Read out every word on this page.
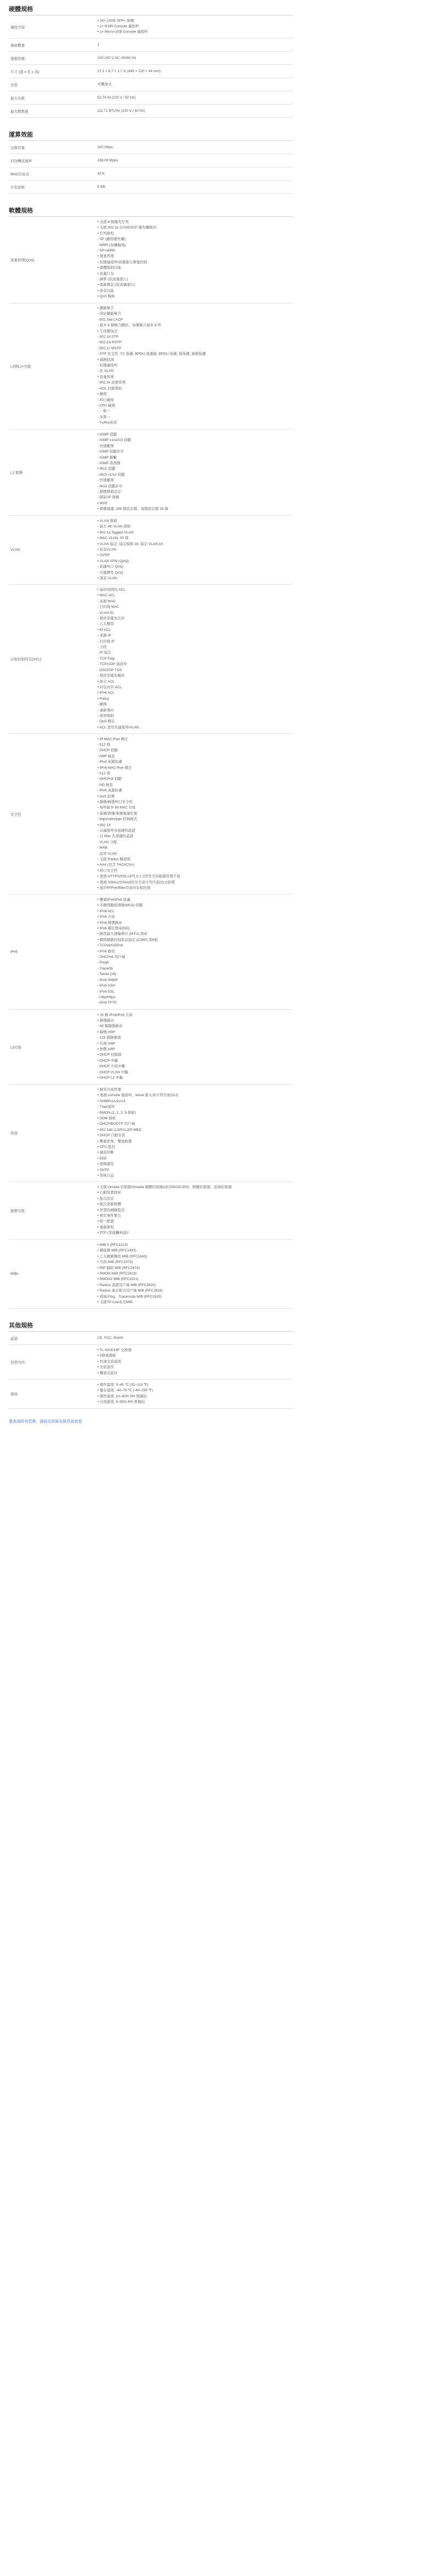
硬體規格
連接介面
• 16× 10GE SFP+ 插槽
• 1× RJ45 Console 連接埠
• 1× Micro-USB Console 連接埠
風扇數量	1
電源供應	100-240 V AC~50/60 Hz
尺寸 (寬 x 長 x 高)	17.3 × 8.7 × 1.7 in (440 × 220 × 44 mm)
安裝	可機架式
最大功耗	52.74 W (220 V / 50 Hz)
最大散熱量	111.71 BTU/hr (220 V / 50 Hz)
運算效能
交換容量	320 Gbps
封包轉送速率	238.08 Mpps
MAC位址表	32 K
巨型訊框	9 KB
軟體規格
流量管理(QoS)
• 支援 8 個優先佇列
• 支援 802.1p CoS/DSCP 優先權模式
• 佇列排程
- SP (嚴格優先權)
- WRR (加權輪詢)
- SP+WRR
• 頻寬管理
- 依據連接埠/流量進行頻寬控制
• 實體限制功能
• 流量行為
- 調準 (依流量進行)
• 重新標記 (依流量進行)
• 語音功能
• QoS 模組
L3與L2+功能
• 鏈路聚合
- 固定鏈路聚合
- 802.3ad LACP
- 最多 8 個聚合鏈結，每個聚合最多 8 埠
• 生成樹協定
- 802.1d STP
- 802.1w RSTP
- 802.1s MSTP
- STP 安全性: TC 保護, BPDU 過濾器, BPDU 保護, 根保護, 迴圈保護
• 迴圈偵測
- 依據連接埠
- 依 VLAN
• 流量管理
- 802.3x 流量管理
- HOL 封鎖預防
• 鏡像
- 埠口鏡像
- CPU 鏡像
- 一對一
- 多對一
- Tx/Rx/兩者
L2 群播
• IGMP 偵聽
- IGMP v1/v2/v3 偵聽
- 快速離開
- IGMP 偵聽許可
- IGMP 聯繫
- IGMP 查詢器
• MLD 偵聽
- MLD v1/v2 偵聽
- 快速離開
- MLD 偵聽許可
- 靜態群組設定
- 限制 IP 群播
• MVR
• 群播過濾: 256 個設定檔，每個設定檔 16 項
VLAN
• VLAN 群組
- 最大 4K VLAN 群組
• 802.1q Tagged VLAN
• MAC VLAN: 30 項
• VLAN 協定: 協定模板 16, 協定 VLAN 16
• 私有VLAN
• GVRP
• VLAN VPN (QinQ)
- 依據埠口 QinQ
- 可選擇性 QinQ
• 語音 VLAN
存取控制列表(ACL)
• 基於時間的 ACL
• MAC ACL
- 來源 MAC
- 目的地 MAC
- VLAN ID
- 使用者優先次序
- 乙太類型
• IP ACL
- 來源 IP
- 目的地 IP
- 分段
- IP 協定
- TCP Flag
- TCP/UDP 通訊埠
- DSCP/IP TOS
- 使用者優先順序
• 組合 ACL
• 封包內容 ACL
• IPv6 ACL
• Policy
- 鏡像
- 重新導向
- 速率限制
- QoS 標註
• ACL 套用至連接埠/VLAN
安全性
• IP-MAC-Port 綁定
- 512 項
- DHCP 偵聽
- ARP 檢查
- IPv4 來源防護
• IPv6-MAC-Port 綁定
- 512 項
- DHCPv6 偵聽
- ND 檢查
- IPv6 來源防護
• DoS 防禦
• 靜態/動態埠口安全性
- 每埠最多 64 MAC 位址
• 廣播/群播/單播風暴控制
- kbps/ratio/pps 控制模式
• 802.1X
- 以連接埠為基礎的認證
- 以 Mac 為基礎的認證
- VLAN 分配
- MAB
- 訪客 VLAN
- 支援 Radius 驗證和
• AAA (包含 TACACS+)
• 埠口安全性
• 透過 HTTPS/SSLv3/TLS 1.2的安全伺服器管理介面
• 透過 SSHv1/SSHv2的安全命令列介面(CLI)管理
• 基於IP/Port/Mac位址的存取控制
IPv6
• 雙重IPv4/IPv6 協議
• 多播探聽偵測器(MLD) 偵聽
• IPv6 ACL
• IPv6 介面
• IPv6 靜態路由
• IPv6 鄰近搜尋(ND)
• 路徑最大傳輸單位 (MTU) 探索
• 網際網路控制訊息協定 (ICMP) 第6版
• TCPv6/UDPv6
• IPv6 應用
- DHCPv6 用戶端
- Ping6
- Tracert6
- Telnet (v6)
- IPv6 SNMP
- IPv6 SSH
- IPv6 SSL
- Http/Https
- IPv6 TFTP
L3功能
• 16 個 IPv4/IPv6 介面
• 靜態路由
- 48 個靜態路由
• 靜態 ARP
- 128 個靜態項
• 代理 ARP
• 無償 ARP
• DHCP 伺服器
• DHCP 中繼
- DHCP 介面中繼
- DHCP VLAN 中繼
• DHCP L2 中繼
管理
• 網頁介面管理
• 透過 console 連接埠，telnet 進入命令列介面(CLI)
• SNMPv1/v2c/v3
- Trap/通知
- RMON (1, 2, 3, 9 群組)
• SDM 模板
• DHCP/BOOTP 用戶端
• 802.1ab LLDP/LLDP-MED
• DHCP 自動安裝
• 雙重影像，雙重組態
• CPU 監控
• 連接診斷
• EEE
• 密碼還原
• SNTP
• 系統日誌
進階功能
• 支援 Omada 控制器/Omada 硬體控制器(OC200/OC300)，軟體控制器，雲端控制器
• 自動裝置探索
• 批次設定
• 批次更新韌體
• 智慧的網路監控
• 異常事件警告
• 統一配置
• 重啟排程
• ZTP (零接觸佈建)²
MIBs
• MIB II (RFC1213)
• 橋接器 MIB (RFC1493)
• 乙太網路類似 MIB (RFC1643)
• 介面 MIB (RFC1573)
• RIP 模組 MIB (RFC2674)
• RMON MIB (RFC2819)
• RMON2 MIB (RFC2021)
• Radius 認證用戶端 MIB (RFC2620)
• Radius 會計帳目用戶端 MIB (RFC2618)
• 遠端 Ping，Traceroute MIB (RFC2925)
• 支援TP-Link私有MIB
其他規格
認證	CE, FCC, RoHS
包裝內容
• TL-SX3016F 交換器
• 2條電源線
• 快速安裝指南
• 安裝套件
• 機架式套件
環境
• 運作溫度: 0–45 ℃ (32–113 ℉)
• 儲存溫度: -40–70 ℃ (-40–158 ℉)
• 運作濕度: 10–90% RH 無凝結
• 存放濕度: 5–90% RH 無凝結
要查詢所有型號，請前往詳細支援頁面查看
